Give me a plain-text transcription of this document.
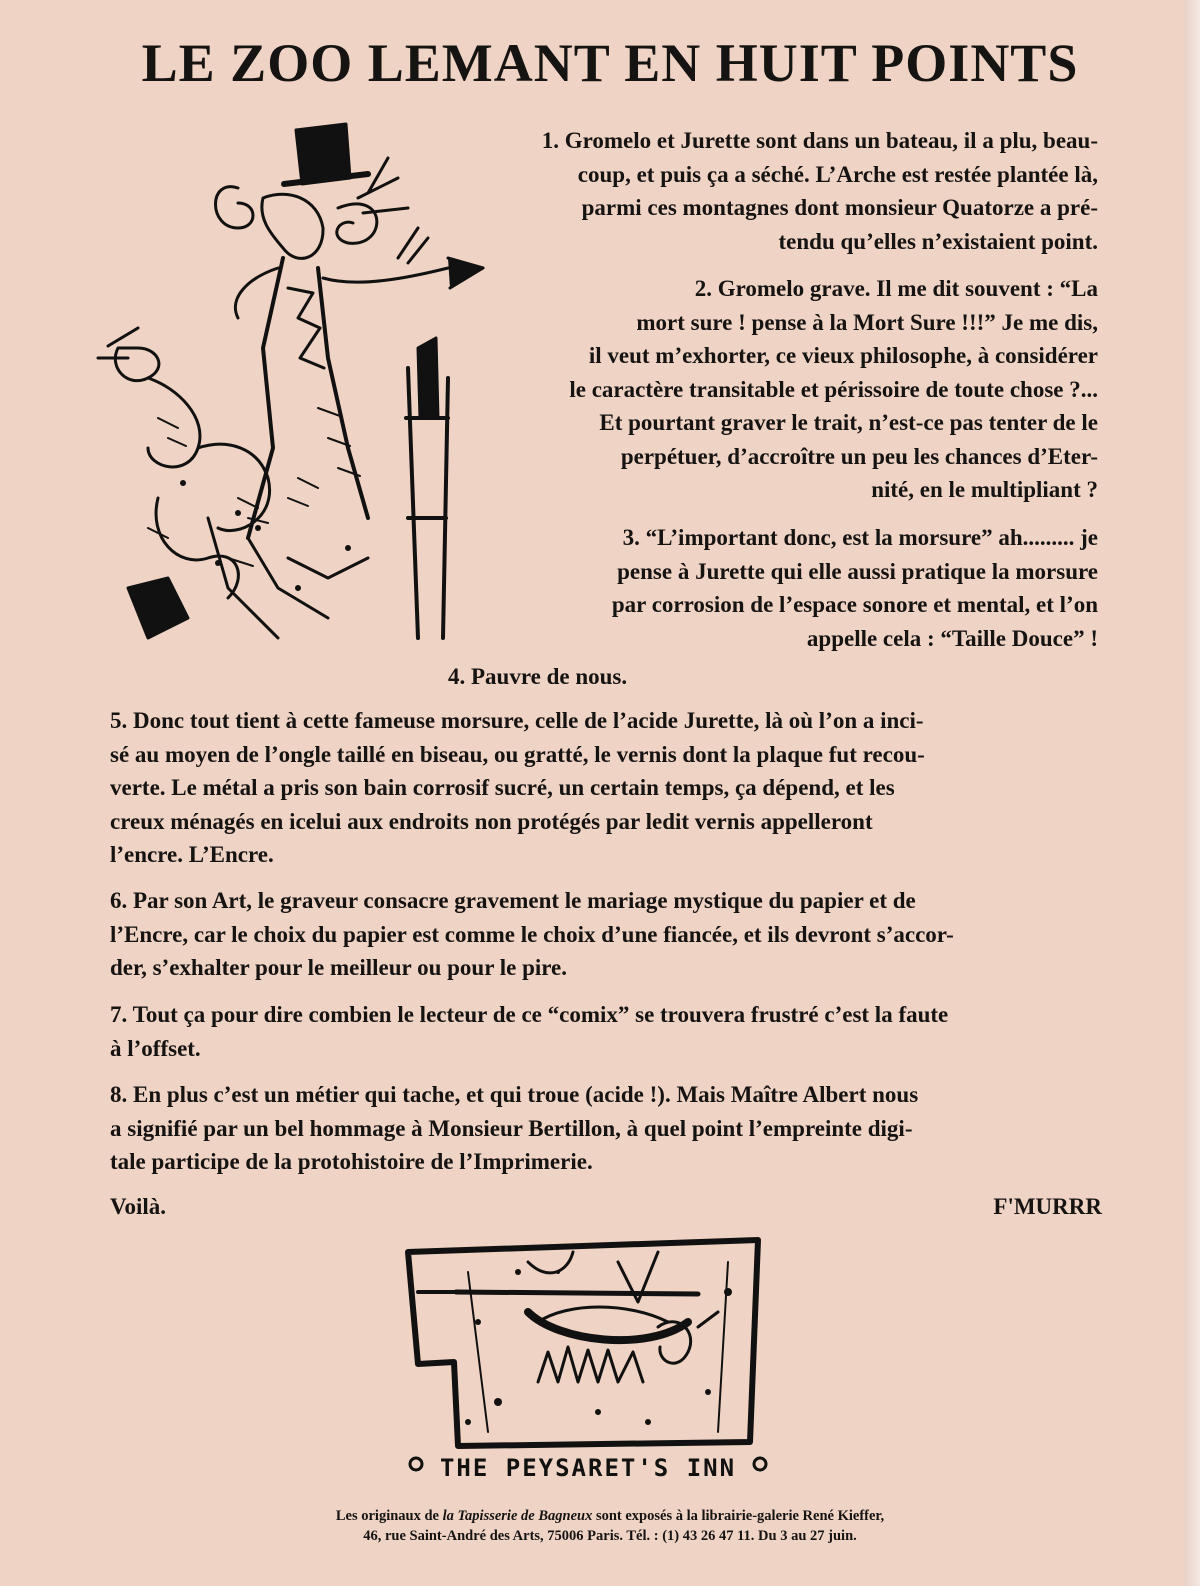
LE ZOO LEMANT EN HUIT POINTS
1. Gromelo et Jurette sont dans un bateau, il a plu, beau-
coup, et puis ça a séché. L’Arche est restée plantée là,
parmi ces montagnes dont monsieur Quatorze a pré-
tendu qu’elles n’existaient point.
2. Gromelo grave. Il me dit souvent : “La
mort sure ! pense à la Mort Sure !!!” Je me dis,
il veut m’exhorter, ce vieux philosophe, à considérer
le caractère transitable et périssoire de toute chose ?...
Et pourtant graver le trait, n’est-ce pas tenter de le
perpétuer, d’accroître un peu les chances d’Eter-
nité, en le multipliant ?
3. “L’important donc, est la morsure” ah......... je
pense à Jurette qui elle aussi pratique la morsure
par corrosion de l’espace sonore et mental, et l’on
appelle cela : “Taille Douce” !
4. Pauvre de nous.
5. Donc tout tient à cette fameuse morsure, celle de l’acide Jurette, là où l’on a inci-
sé au moyen de l’ongle taillé en biseau, ou gratté, le vernis dont la plaque fut recou-
verte. Le métal a pris son bain corrosif sucré, un certain temps, ça dépend, et les
creux ménagés en icelui aux endroits non protégés par ledit vernis appelleront
l’encre. L’Encre.
6. Par son Art, le graveur consacre gravement le mariage mystique du papier et de
l’Encre, car le choix du papier est comme le choix d’une fiancée, et ils devront s’accor-
der, s’exhalter pour le meilleur ou pour le pire.
7. Tout ça pour dire combien le lecteur de ce “comix” se trouvera frustré c’est la faute
à l’offset.
8. En plus c’est un métier qui tache, et qui troue (acide !). Mais Maître Albert nous
a signifié par un bel hommage à Monsieur Bertillon, à quel point l’empreinte digi-
tale participe de la protohistoire de l’Imprimerie.
Voilà.	F'MURRR
THE PEYSARET'S INN
Les originaux de la Tapisserie de Bagneux sont exposés à la librairie-galerie René Kieffer,
46, rue Saint-André des Arts, 75006 Paris. Tél. : (1) 43 26 47 11. Du 3 au 27 juin.
